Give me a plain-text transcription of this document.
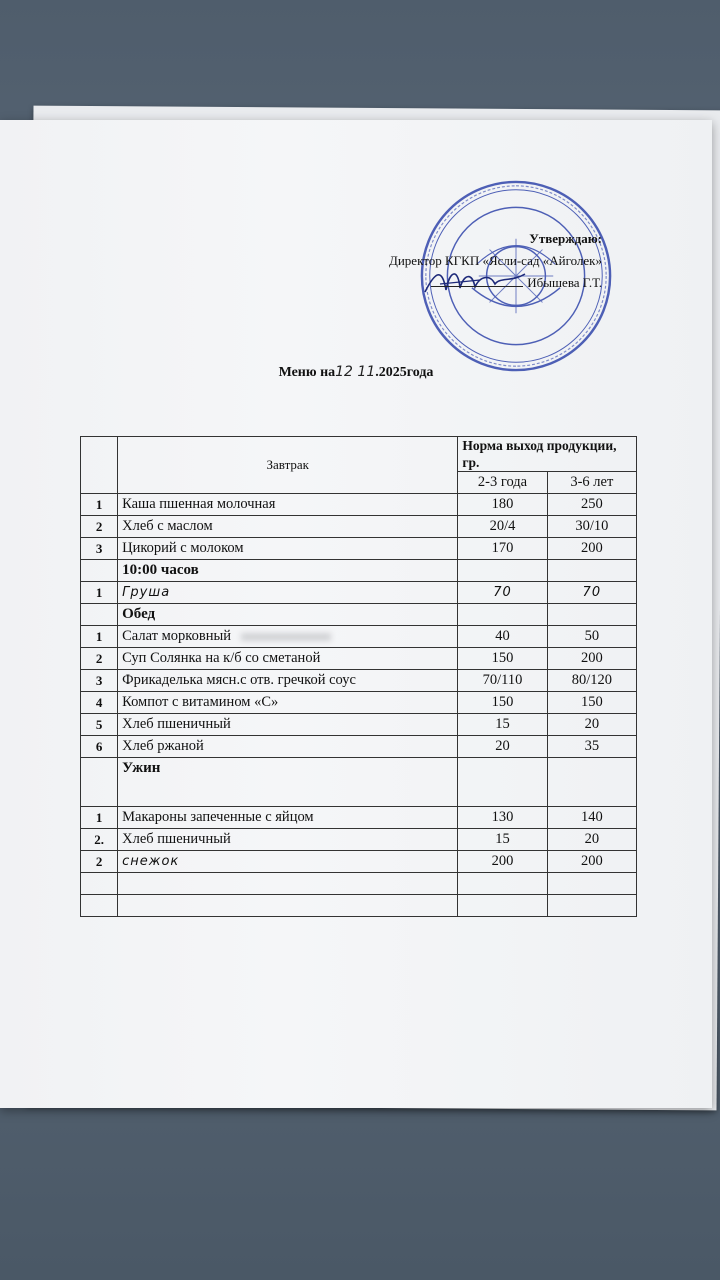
Утверждаю:
Директор КГКП «Ясли-сад «Айголек»
Ибышева Г.Т.
Меню на12 11.2025года
	Завтрак	Норма выход продукции, гр.	
		2-3 года	3-6 лет
1	Каша пшенная молочная	180	250
2	Хлеб с маслом	20/4	30/10
3	Цикорий с молоком	170	200
	10:00 часов		
1	Груша	70	70
	Обед		
1	Салат морковный	40	50
2	Суп Солянка на к/б со сметаной	150	200
3	Фрикаделька мясн.с отв. гречкой соус	70/110	80/120
4	Компот с витамином «С»	150	150
5	Хлеб пшеничный	15	20
6	Хлеб ржаной	20	35
	Ужин		
1	Макароны запеченные с яйцом	130	140
2.	Хлеб пшеничный	15	20
2	снежок	200	200
